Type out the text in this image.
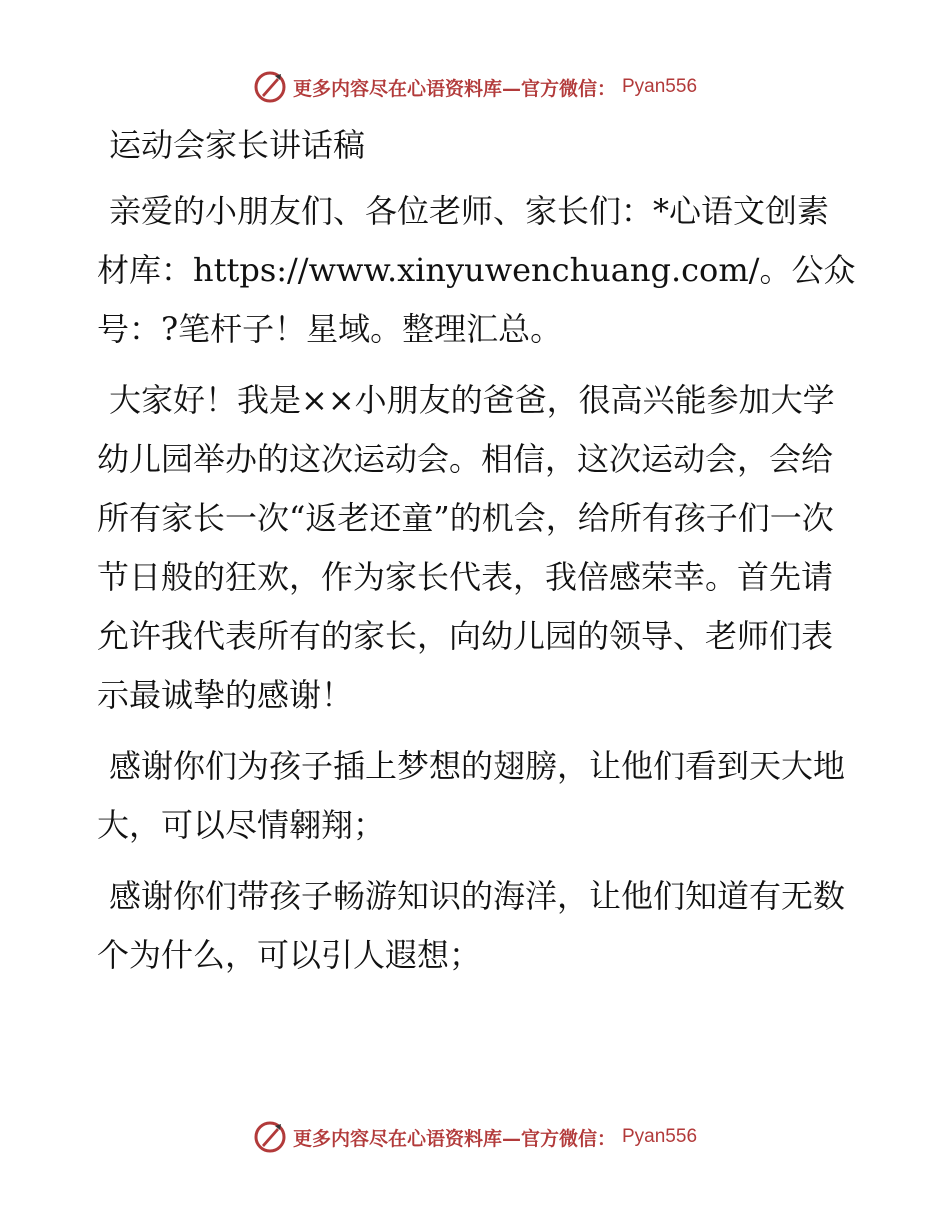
更多内容尽在心语资料库—官方微信： Pyan556
运动会家长讲话稿

亲爱的小朋友们、各位老师、家长们：*心语文创素材库：https://www.xinyuwenchuang.com/。公众号：?笔杆子！星域。整理汇总。

大家好！我是××小朋友的爸爸，很高兴能参加大学幼儿园举办的这次运动会。相信，这次运动会，会给所有家长一次“返老还童”的机会，给所有孩子们一次节日般的狂欢，作为家长代表，我倍感荣幸。首先请允许我代表所有的家长，向幼儿园的领导、老师们表示最诚挚的感谢！

感谢你们为孩子插上梦想的翅膀，让他们看到天大地大，可以尽情翱翔；

感谢你们带孩子畅游知识的海洋，让他们知道有无数个为什么，可以引人遐想；

更多内容尽在心语资料库—官方微信： Pyan556
